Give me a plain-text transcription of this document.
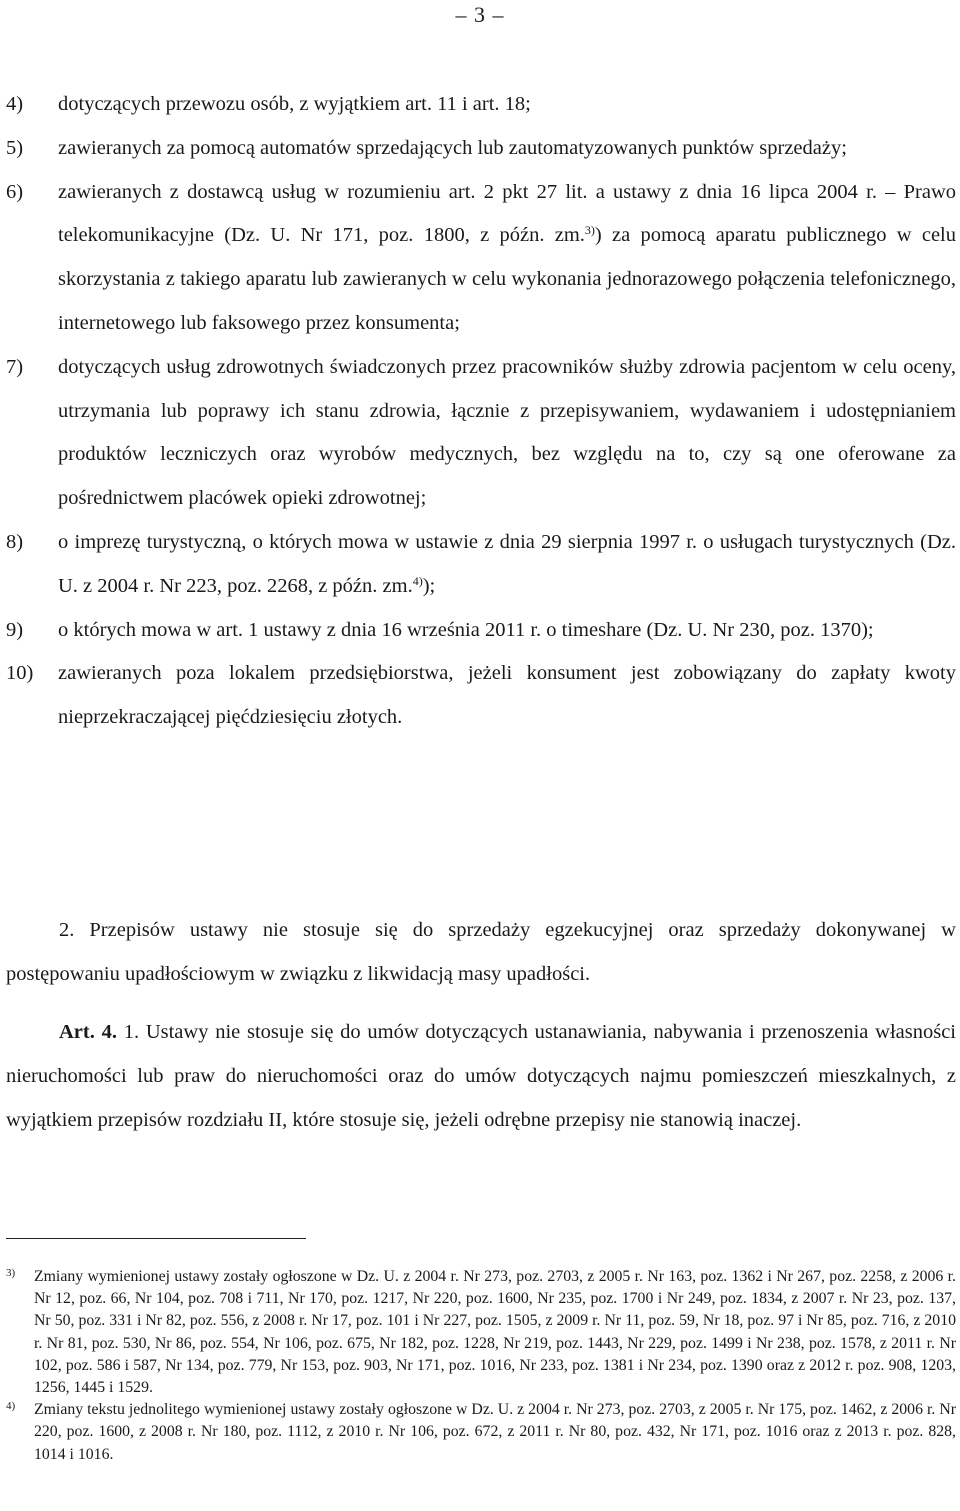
– 3 –
4) dotyczących przewozu osób, z wyjątkiem art. 11 i art. 18;
5) zawieranych za pomocą automatów sprzedających lub zautomatyzowanych punktów sprzedaży;
6) zawieranych z dostawcą usług w rozumieniu art. 2 pkt 27 lit. a ustawy z dnia 16 lipca 2004 r. – Prawo telekomunikacyjne (Dz. U. Nr 171, poz. 1800, z późn. zm.$^{3)}$) za pomocą aparatu publicznego w celu skorzystania z takiego aparatu lub zawieranych w celu wykonania jednorazowego połączenia telefonicznego, internetowego lub faksowego przez konsumenta;
7) dotyczących usług zdrowotnych świadczonych przez pracowników służby zdrowia pacjentom w celu oceny, utrzymania lub poprawy ich stanu zdrowia, łącznie z przepisywaniem, wydawaniem i udostępnianiem produktów leczniczych oraz wyrobów medycznych, bez względu na to, czy są one oferowane za pośrednictwem placówek opieki zdrowotnej;
8) o imprezę turystyczną, o których mowa w ustawie z dnia 29 sierpnia 1997 r. o usługach turystycznych (Dz. U. z 2004 r. Nr 223, poz. 2268, z późn. zm.$^{4)}$);
9) o których mowa w art. 1 ustawy z dnia 16 września 2011 r. o timeshare (Dz. U. Nr 230, poz. 1370);
10) zawieranych poza lokalem przedsiębiorstwa, jeżeli konsument jest zobowiązany do zapłaty kwoty nieprzekraczającej pięćdziesięciu złotych.
2. Przepisów ustawy nie stosuje się do sprzedaży egzekucyjnej oraz sprzedaży dokonywanej w postępowaniu upadłościowym w związku z likwidacją masy upadłości.
Art. 4. 1. Ustawy nie stosuje się do umów dotyczących ustanawiania, nabywania i przenoszenia własności nieruchomości lub praw do nieruchomości oraz do umów dotyczących najmu pomieszczeń mieszkalnych, z wyjątkiem przepisów rozdziału II, które stosuje się, jeżeli odrębne przepisy nie stanowią inaczej.
3) Zmiany wymienionej ustawy zostały ogłoszone w Dz. U. z 2004 r. Nr 273, poz. 2703, z 2005 r. Nr 163, poz. 1362 i Nr 267, poz. 2258, z 2006 r. Nr 12, poz. 66, Nr 104, poz. 708 i 711, Nr 170, poz. 1217, Nr 220, poz. 1600, Nr 235, poz. 1700 i Nr 249, poz. 1834, z 2007 r. Nr 23, poz. 137, Nr 50, poz. 331 i Nr 82, poz. 556, z 2008 r. Nr 17, poz. 101 i Nr 227, poz. 1505, z 2009 r. Nr 11, poz. 59, Nr 18, poz. 97 i Nr 85, poz. 716, z 2010 r. Nr 81, poz. 530, Nr 86, poz. 554, Nr 106, poz. 675, Nr 182, poz. 1228, Nr 219, poz. 1443, Nr 229, poz. 1499 i Nr 238, poz. 1578, z 2011 r. Nr 102, poz. 586 i 587, Nr 134, poz. 779, Nr 153, poz. 903, Nr 171, poz. 1016, Nr 233, poz. 1381 i Nr 234, poz. 1390 oraz z 2012 r. poz. 908, 1203, 1256, 1445 i 1529.
4) Zmiany tekstu jednolitego wymienionej ustawy zostały ogłoszone w Dz. U. z 2004 r. Nr 273, poz. 2703, z 2005 r. Nr 175, poz. 1462, z 2006 r. Nr 220, poz. 1600, z 2008 r. Nr 180, poz. 1112, z 2010 r. Nr 106, poz. 672, z 2011 r. Nr 80, poz. 432, Nr 171, poz. 1016 oraz z 2013 r. poz. 828, 1014 i 1016.
